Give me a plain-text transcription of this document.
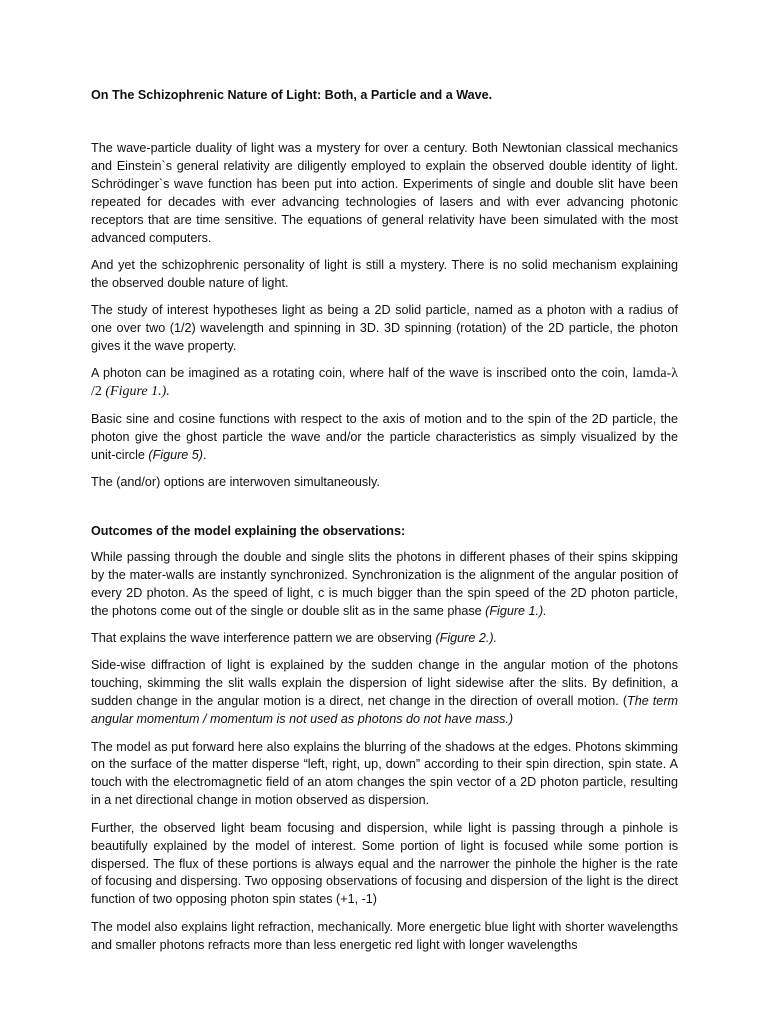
On The Schizophrenic Nature of Light: Both, a Particle and a Wave.

The wave-particle duality of light was a mystery for over a century. Both Newtonian classical mechanics and Einstein`s general relativity are diligently employed to explain the observed double identity of light. Schrödinger`s wave function has been put into action. Experiments of single and double slit have been repeated for decades with ever advancing technologies of lasers and with ever advancing photonic receptors that are time sensitive. The equations of general relativity have been simulated with the most advanced computers.

And yet the schizophrenic personality of light is still a mystery. There is no solid mechanism explaining the observed double nature of light.

The study of interest hypotheses light as being a 2D solid particle, named as a photon with a radius of one over two (1/2) wavelength and spinning in 3D. 3D spinning (rotation) of the 2D particle, the photon gives it the wave property.

A photon can be imagined as a rotating coin, where half of the wave is inscribed onto the coin, lamda-λ /2 (Figure 1.).

Basic sine and cosine functions with respect to the axis of motion and to the spin of the 2D particle, the photon give the ghost particle the wave and/or the particle characteristics as simply visualized by the unit-circle (Figure 5).

The (and/or) options are interwoven simultaneously.

Outcomes of the model explaining the observations:

While passing through the double and single slits the photons in different phases of their spins skipping by the mater-walls are instantly synchronized. Synchronization is the alignment of the angular position of every 2D photon. As the speed of light, c is much bigger than the spin speed of the 2D photon particle, the photons come out of the single or double slit as in the same phase (Figure 1.).

That explains the wave interference pattern we are observing (Figure 2.).

Side-wise diffraction of light is explained by the sudden change in the angular motion of the photons touching, skimming the slit walls explain the dispersion of light sidewise after the slits. By definition, a sudden change in the angular motion is a direct, net change in the direction of overall motion. (The term angular momentum / momentum is not used as photons do not have mass.)

The model as put forward here also explains the blurring of the shadows at the edges. Photons skimming on the surface of the matter disperse “left, right, up, down” according to their spin direction, spin state. A touch with the electromagnetic field of an atom changes the spin vector of a 2D photon particle, resulting in a net directional change in motion observed as dispersion.

Further, the observed light beam focusing and dispersion, while light is passing through a pinhole is beautifully explained by the model of interest. Some portion of light is focused while some portion is dispersed. The flux of these portions is always equal and the narrower the pinhole the higher is the rate of focusing and dispersing. Two opposing observations of focusing and dispersion of the light is the direct function of two opposing photon spin states (+1, -1)

The model also explains light refraction, mechanically. More energetic blue light with shorter wavelengths and smaller photons refracts more than less energetic red light with longer wavelengths
